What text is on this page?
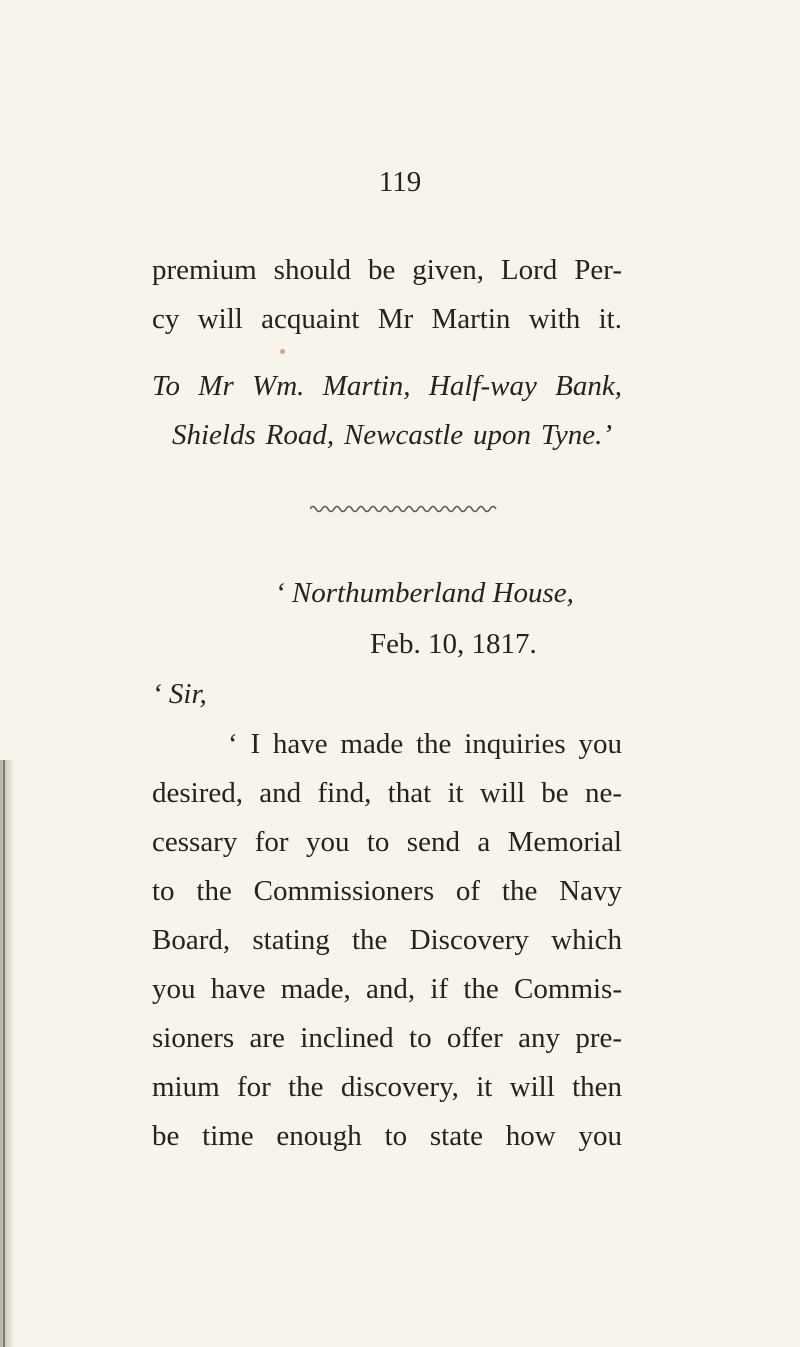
119
premium should be given, Lord Per-
cy will acquaint Mr Martin with it.
To Mr Wm. Martin, Half-way Bank,
Shields Road, Newcastle upon Tyne.’
‘ Northumberland House,
Feb. 10, 1817.
‘ Sir,
‘ I have made the inquiries you
desired, and find, that it will be ne-
cessary for you to send a Memorial
to the Commissioners of the Navy
Board, stating the Discovery which
you have made, and, if the Commis-
sioners are inclined to offer any pre-
mium for the discovery, it will then
be time enough to state how you
